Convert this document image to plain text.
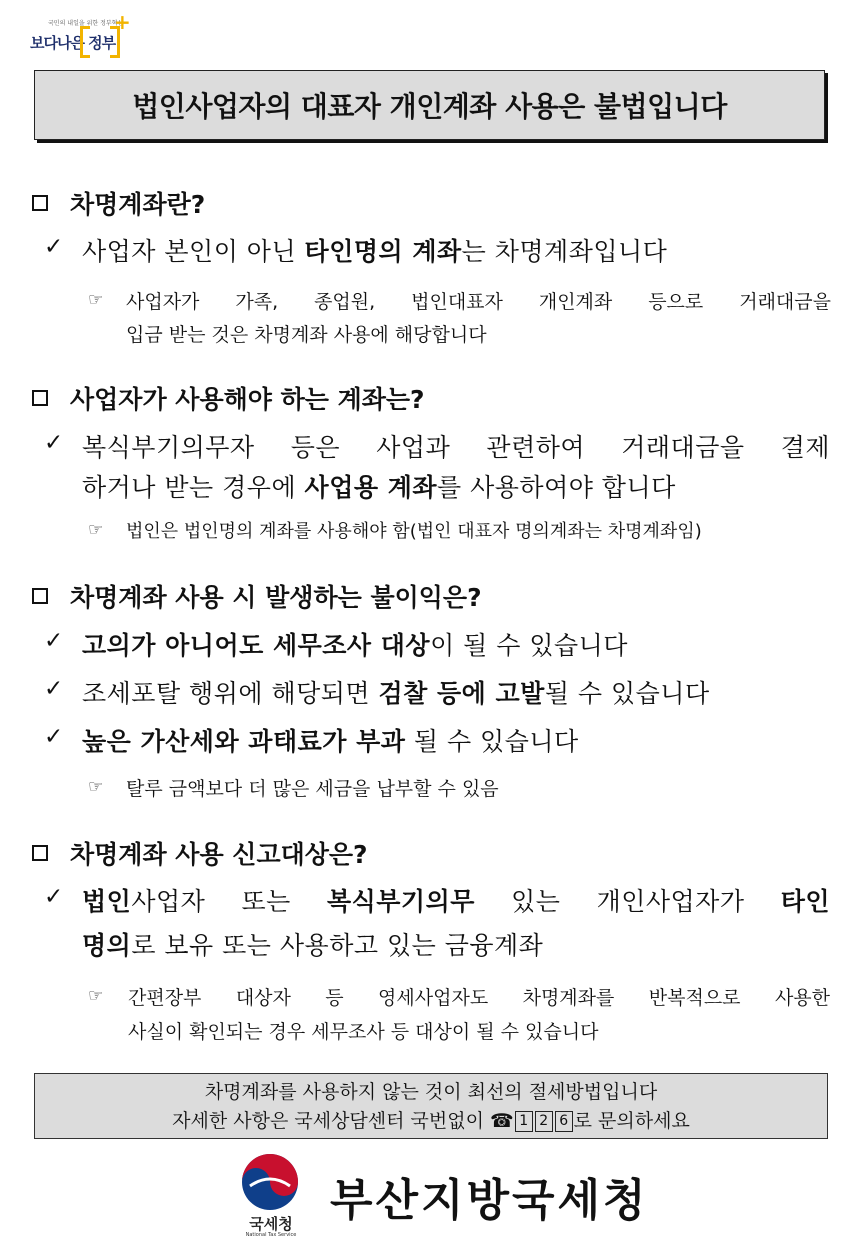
국민의 내일을 위한 정부혁신
보다나은 정부
+
법인사업자의 대표자 개인계좌 사용은 불법입니다
차명계좌란?
✓ 사업자 본인이 아닌 타인명의 계좌는 차명계좌입니다
☞ 사업자가 가족, 종업원, 법인대표자 개인계좌 등으로 거래대금을
입금 받는 것은 차명계좌 사용에 해당합니다
사업자가 사용해야 하는 계좌는?
✓ 복식부기의무자 등은 사업과 관련하여 거래대금을 결제
하거나 받는 경우에 사업용 계좌를 사용하여야 합니다
☞ 법인은 법인명의 계좌를 사용해야 함(법인 대표자 명의계좌는 차명계좌임)
차명계좌 사용 시 발생하는 불이익은?
✓ 고의가 아니어도 세무조사 대상이 될 수 있습니다
✓ 조세포탈 행위에 해당되면 검찰 등에 고발될 수 있습니다
✓ 높은 가산세와 과태료가 부과 될 수 있습니다
☞ 탈루 금액보다 더 많은 세금을 납부할 수 있음
차명계좌 사용 신고대상은?
✓ 법인사업자 또는 복식부기의무 있는 개인사업자가 타인
명의로 보유 또는 사용하고 있는 금융계좌
☞ 간편장부 대상자 등 영세사업자도 차명계좌를 반복적으로 사용한
사실이 확인되는 경우 세무조사 등 대상이 될 수 있습니다
차명계좌를 사용하지 않는 것이 최선의 절세방법입니다
자세한 사항은 국세상담센터 국번없이 ☎ 1 2 6 로 문의하세요
국세청
National Tax Service
부산지방국세청
